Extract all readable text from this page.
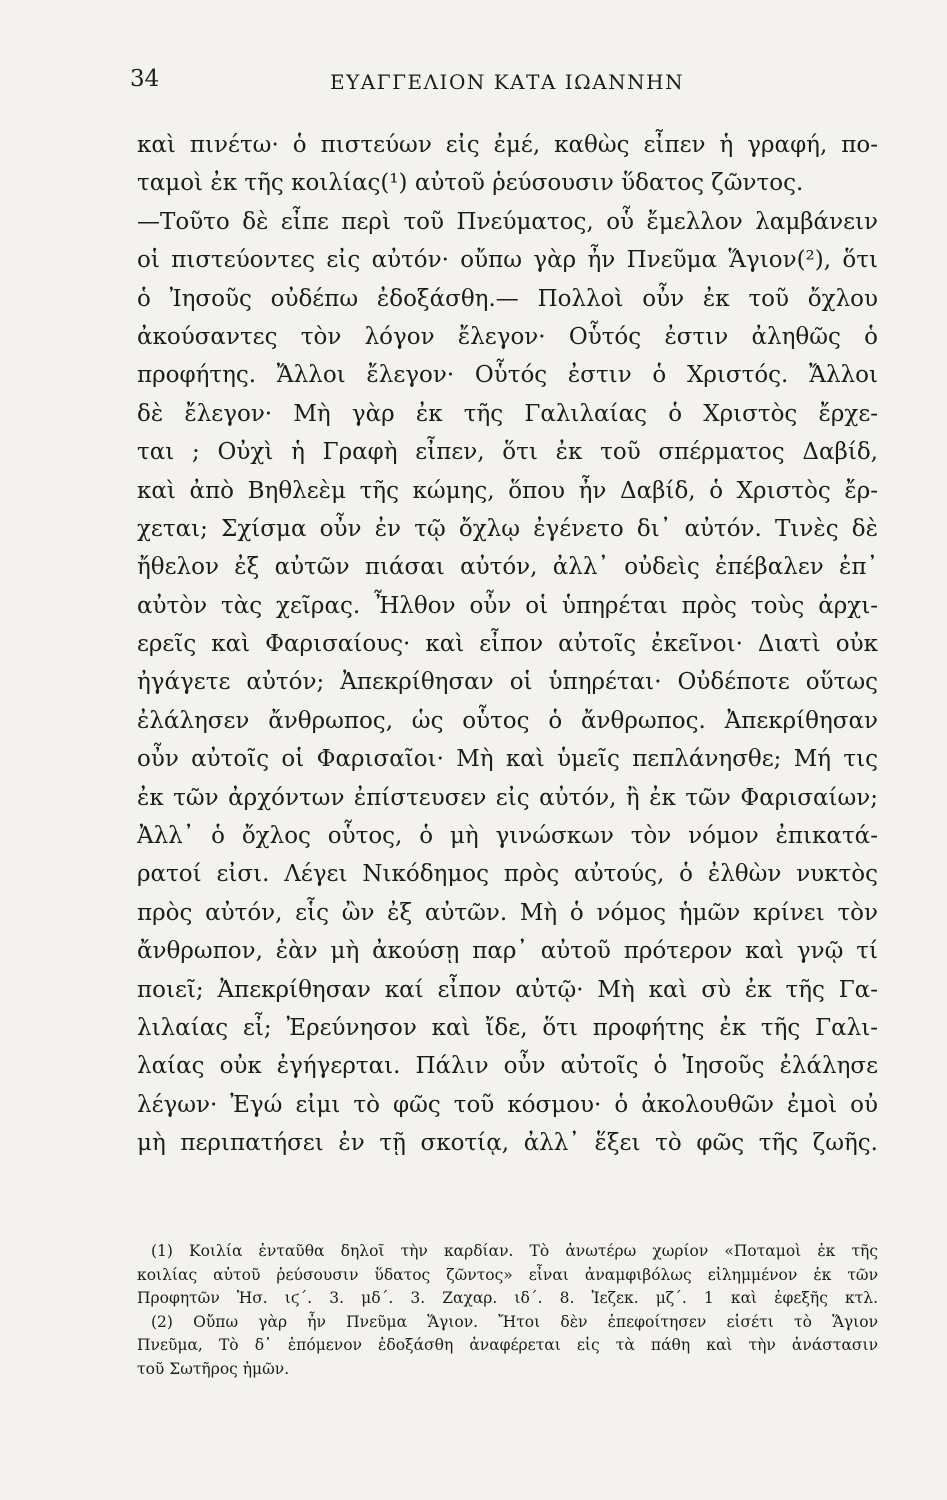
34	ΕΥΑΓΓΕΛΙΟΝ ΚΑΤΑ ΙΩΑΝΝΗΝ
καὶ πινέτω· ὁ πιστεύων εἰς ἐμέ, καθὼς εἶπεν ἡ γραφή, πο-
ταμοὶ ἐκ τῆς κοιλίας(¹) αὐτοῦ ῥεύσουσιν ὕδατος ζῶντος.
—Τοῦτο δὲ εἶπε περὶ τοῦ Πνεύματος, οὗ ἔμελλον λαμβάνειν
οἱ πιστεύοντες εἰς αὐτόν· οὔπω γὰρ ἦν Πνεῦμα Ἅγιον(²), ὅτι
ὁ Ἰησοῦς οὐδέπω ἐδοξάσθη.— Πολλοὶ οὖν ἐκ τοῦ ὄχλου
ἀκούσαντες τὸν λόγον ἔλεγον· Οὗτός ἐστιν ἀληθῶς ὁ
προφήτης. Ἄλλοι ἔλεγον· Οὗτός ἐστιν ὁ Χριστός. Ἄλλοι
δὲ ἔλεγον· Μὴ γὰρ ἐκ τῆς Γαλιλαίας ὁ Χριστὸς ἔρχε-
ται ; Οὐχὶ ἡ Γραφὴ εἶπεν, ὅτι ἐκ τοῦ σπέρματος Δαβίδ,
καὶ ἀπὸ Βηθλεὲμ τῆς κώμης, ὅπου ἦν Δαβίδ, ὁ Χριστὸς ἔρ-
χεται; Σχίσμα οὖν ἐν τῷ ὄχλῳ ἐγένετο δι᾿ αὐτόν. Τινὲς δὲ
ἤθελον ἐξ αὐτῶν πιάσαι αὐτόν, ἀλλ᾿ οὐδεὶς ἐπέβαλεν ἐπ᾿
αὐτὸν τὰς χεῖρας. Ἦλθον οὖν οἱ ὑπηρέται πρὸς τοὺς ἀρχι-
ερεῖς καὶ Φαρισαίους· καὶ εἶπον αὐτοῖς ἐκεῖνοι· Διατὶ οὐκ
ἠγάγετε αὐτόν; Ἀπεκρίθησαν οἱ ὑπηρέται· Οὐδέποτε οὕτως
ἐλάλησεν ἄνθρωπος, ὡς οὗτος ὁ ἄνθρωπος. Ἀπεκρίθησαν
οὖν αὐτοῖς οἱ Φαρισαῖοι· Μὴ καὶ ὑμεῖς πεπλάνησθε; Μή τις
ἐκ τῶν ἀρχόντων ἐπίστευσεν εἰς αὐτόν, ἢ ἐκ τῶν Φαρισαίων;
Ἀλλ᾿ ὁ ὄχλος οὗτος, ὁ μὴ γινώσκων τὸν νόμον ἐπικατά-
ρατοί εἰσι. Λέγει Νικόδημος πρὸς αὐτούς, ὁ ἐλθὼν νυκτὸς
πρὸς αὐτόν, εἷς ὢν ἐξ αὐτῶν. Μὴ ὁ νόμος ἡμῶν κρίνει τὸν
ἄνθρωπον, ἐὰν μὴ ἀκούσῃ παρ᾿ αὐτοῦ πρότερον καὶ γνῷ τί
ποιεῖ; Ἀπεκρίθησαν καί εἶπον αὐτῷ· Μὴ καὶ σὺ ἐκ τῆς Γα-
λιλαίας εἶ; Ἐρεύνησον καὶ ἴδε, ὅτι προφήτης ἐκ τῆς Γαλι-
λαίας οὐκ ἐγήγερται. Πάλιν οὖν αὐτοῖς ὁ Ἰησοῦς ἐλάλησε
λέγων· Ἐγώ εἰμι τὸ φῶς τοῦ κόσμου· ὁ ἀκολουθῶν ἐμοὶ οὐ
μὴ περιπατήσει ἐν τῇ σκοτίᾳ, ἀλλ᾿ ἕξει τὸ φῶς τῆς ζωῆς.
(1) Κοιλία ἐνταῦθα δηλοῖ τὴν καρδίαν. Τὸ ἀνωτέρω χωρίον «Ποταμοὶ ἐκ τῆς
κοιλίας αὐτοῦ ῥεύσουσιν ὕδατος ζῶντος» εἶναι ἀναμφιβόλως εἰλημμένον ἐκ τῶν
Προφητῶν Ἡσ. ιϛ΄. 3. μδ΄. 3. Ζαχαρ. ιδ΄. 8. Ἰεζεκ. μζ΄. 1 καὶ ἐφεξῆς κτλ.
(2) Οὔπω γὰρ ἦν Πνεῦμα Ἅγιον. Ἤτοι δὲν ἐπεφοίτησεν εἰσέτι τὸ Ἅγιον
Πνεῦμα, Τὸ δ᾿ ἑπόμενον ἐδοξάσθη ἀναφέρεται εἰς τὰ πάθη καὶ τὴν ἀνάστασιν
τοῦ Σωτῆρος ἡμῶν.
